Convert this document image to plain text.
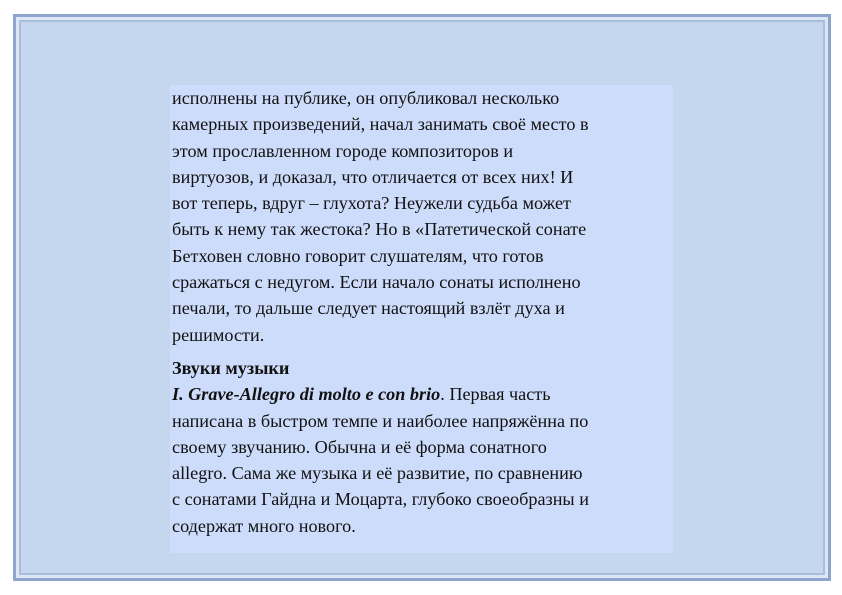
исполнены на публике, он опубликовал несколько
камерных произведений, начал занимать своё место в
этом прославленном городе композиторов и
виртуозов, и доказал, что отличается от всех них! И
вот теперь, вдруг – глухота? Неужели судьба может
быть к нему так жестока? Но в «Патетической сонате
Бетховен словно говорит слушателям, что готов
сражаться с недугом. Если начало сонаты исполнено
печали, то дальше следует настоящий взлёт духа и
решимости.

Звуки музыки
I. Grave-Allegro di molto e con brio. Первая часть
написана в быстром темпе и наиболее напряжённа по
своему звучанию. Обычна и её форма сонатного
allegro. Сама же музыка и её развитие, по сравнению
с сонатами Гайдна и Моцарта, глубоко своеобразны и
содержат много нового.
